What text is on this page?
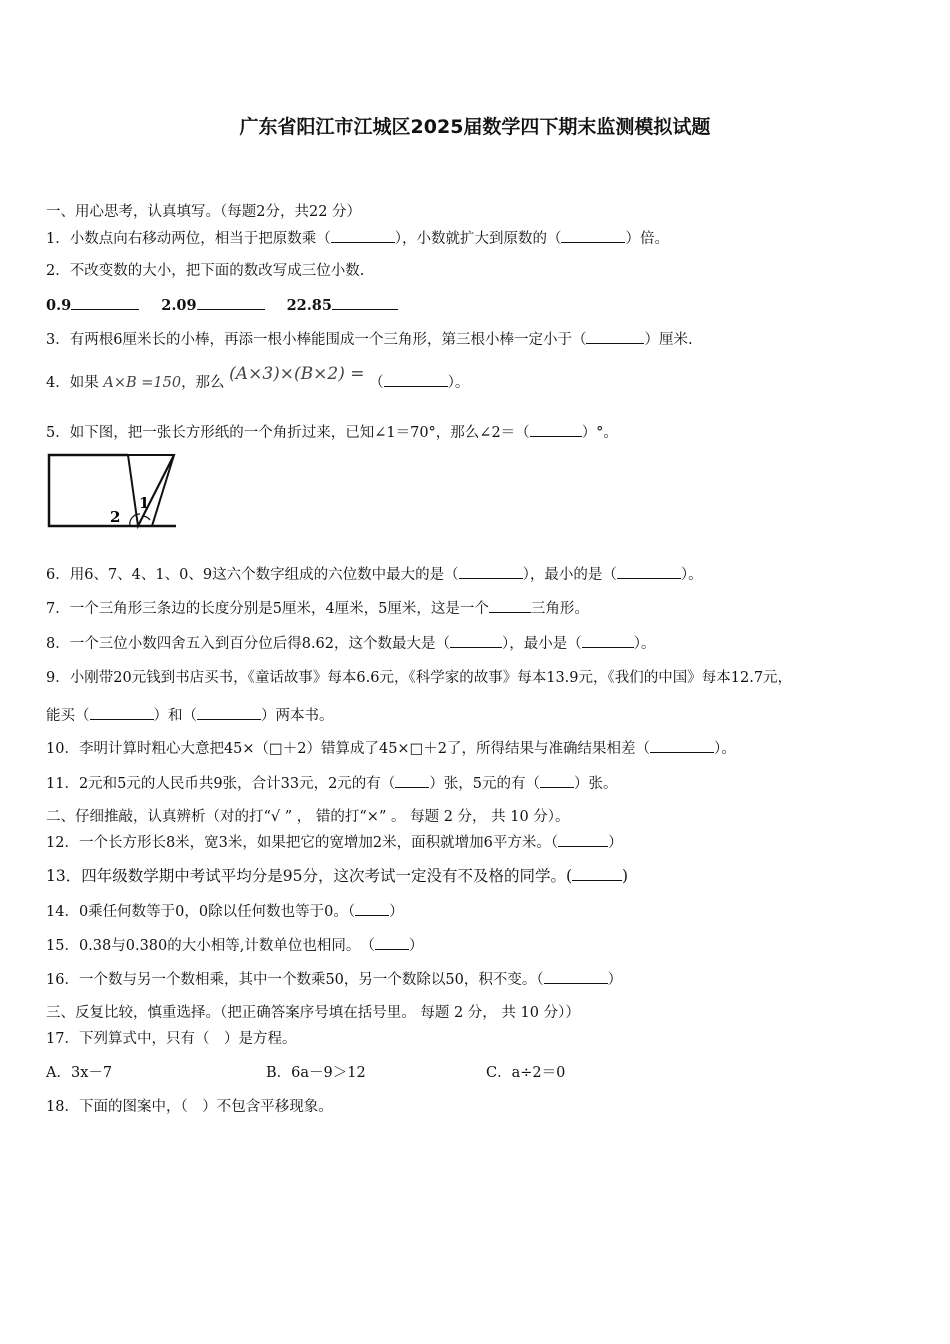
广东省阳江市江城区2025届数学四下期末监测模拟试题
一、用心思考，认真填写。（每题2分，共22 分）
1．小数点向右移动两位，相当于把原数乘（	），小数就扩大到原数的（	）倍。
2．不改变数的大小，把下面的数改写成三位小数.
0.9	2.09	22.85
3．有两根6厘米长的小棒，再添一根小棒能围成一个三角形，第三根小棒一定小于（	）厘米.
4．如果 A×B =150，那么 (A×3)×(B×2) = （	）。
5．如下图，把一张长方形纸的一个角折过来，已知∠1＝70°，那么∠2＝（	）°。
1
2
6．用6、7、4、1、0、9这六个数字组成的六位数中最大的是（	），最小的是（	）。
7．一个三角形三条边的长度分别是5厘米，4厘米，5厘米，这是一个	三角形。
8．一个三位小数四舍五入到百分位后得8.62，这个数最大是（	），最小是（	）。
9．小刚带20元钱到书店买书，《童话故事》每本6.6元，《科学家的故事》每本13.9元，《我们的中国》每本12.7元，
能买（	）和（	）两本书。
10．李明计算时粗心大意把45×（□＋2）错算成了45×□＋2了，所得结果与准确结果相差（	）。
11．2元和5元的人民币共9张，合计33元，2元的有（ ）张，5元的有（ ）张。
二、仔细推敲，认真辨析（对的打“√ ” ， 错的打“×” 。 每题 2 分， 共 10 分）。
12．一个长方形长8米，宽3米，如果把它的宽增加2米，面积就增加6平方米。（	）
13．四年级数学期中考试平均分是95分，这次考试一定没有不及格的同学。(	)
14．0乘任何数等于0，0除以任何数也等于0。（ ）
15．0.38与0.380的大小相等,计数单位也相同。　（ ）
16．一个数与另一个数相乘，其中一个数乘50，另一个数除以50，积不变。（	）
三、反复比较，慎重选择。（把正确答案序号填在括号里。 每题 2 分， 共 10 分））
17．下列算式中，只有（　）是方程。
A．3x－7	B．6a－9＞12	C．a÷2＝0
18．下面的图案中，（　）不包含平移现象。
